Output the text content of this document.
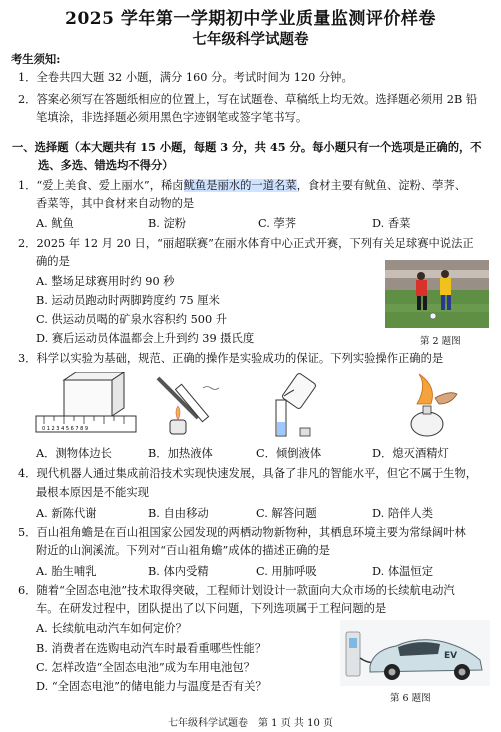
2025 学年第一学期初中学业质量监测评价样卷
七年级科学试题卷
考生须知:
1．全卷共四大题 32 小题，满分 160 分。考试时间为 120 分钟。
2．答案必须写在答题纸相应的位置上，写在试题卷、草稿纸上均无效。选择题必须用 2B 铅
笔填涂，非选择题必须用黑色字迹钢笔或签字笔书写。
一、选择题（本大题共有 15 小题，每题 3 分，共 45 分。每小题只有一个选项是正确的，不
选、多选、错选均不得分）
1．“爱上美食、爱上丽水”，稀卤鱿鱼是丽水的一道名菜，食材主要有鱿鱼、淀粉、荸荠、
香菜等，其中食材来自动物的是
A. 鱿鱼	B. 淀粉	C. 荸荠	D. 香菜
2．2025 年 12 月 20 日，“丽超联赛”在丽水体育中心正式开赛，下列有关足球赛中说法正
确的是
A. 整场足球赛用时约 90 秒
B. 运动员跑动时两脚跨度约 75 厘米
C. 供运动员喝的矿泉水容积约 500 升
D. 赛后运动员体温都会上升到约 39 摄氏度	第 2 题图
3．科学以实验为基础，规范、正确的操作是实验成功的保证。下列实验操作正确的是
0 1 2 3 4 5 6 7 8 9
A．测物体边长	B．加热液体	C．倾倒液体	D．熄灭酒精灯
4．现代机器人通过集成前沿技术实现快速发展，具备了非凡的智能水平，但它不属于生物，
最根本原因是不能实现
A. 新陈代谢	B. 自由移动	C. 解答问题	D. 陪伴人类
5．百山祖角蟾是在百山祖国家公园发现的两栖动物新物种，其栖息环境主要为常绿阔叶林
附近的山涧溪流。下列对“百山祖角蟾”成体的描述正确的是
A. 胎生哺乳	B. 体内受精	C. 用肺呼吸	D. 体温恒定
6．随着“全固态电池”技术取得突破，工程师计划设计一款面向大众市场的长续航电动汽
车。在研发过程中，团队提出了以下问题，下列选项属于工程问题的是
A. 长续航电动汽车如何定价？
B. 消费者在选购电动汽车时最看重哪些性能？
C. 怎样改造“全固态电池”成为车用电池包？
D. “全固态电池”的储电能力与温度是否有关？
EV
第 6 题图
七年级科学试题卷　第 1 页 共 10 页
